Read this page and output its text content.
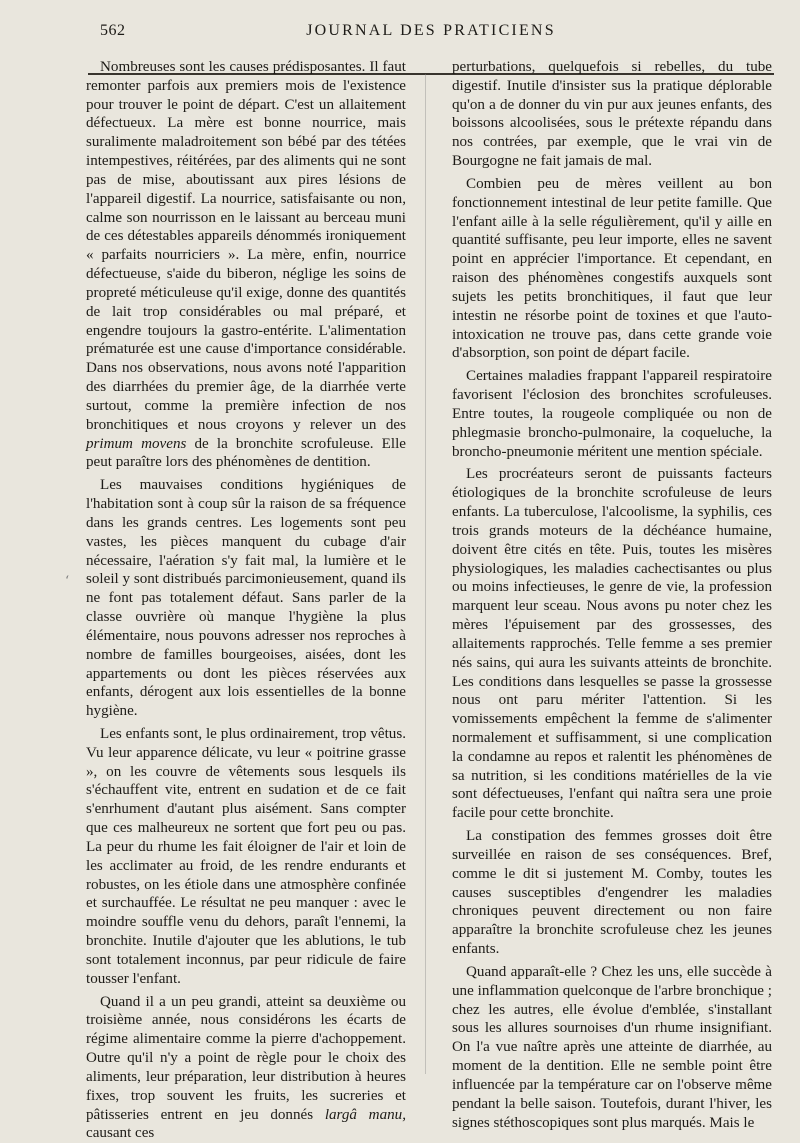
562	JOURNAL DES PRATICIENS
‘

Nombreuses sont les causes prédisposantes. Il faut remonter parfois aux premiers mois de l'existence pour trouver le point de départ. C'est un allaitement défectueux. La mère est bonne nourrice, mais suralimente maladroitement son bébé par des tétées intempestives, réitérées, par des aliments qui ne sont pas de mise, aboutissant aux pires lésions de l'appareil digestif. La nourrice, satisfaisante ou non, calme son nourrisson en le laissant au berceau muni de ces détestables appareils dénommés ironiquement « parfaits nourriciers ». La mère, enfin, nourrice défectueuse, s'aide du biberon, néglige les soins de propreté méticuleuse qu'il exige, donne des quantités de lait trop considérables ou mal préparé, et engendre toujours la gastro-entérite. L'alimentation prématurée est une cause d'importance considérable. Dans nos observations, nous avons noté l'apparition des diarrhées du premier âge, de la diarrhée verte surtout, comme la première infection de nos bronchitiques et nous croyons y relever un des primum movens de la bronchite scrofuleuse. Elle peut paraître lors des phénomènes de dentition.

Les mauvaises conditions hygiéniques de l'habitation sont à coup sûr la raison de sa fréquence dans les grands centres. Les logements sont peu vastes, les pièces manquent du cubage d'air nécessaire, l'aération s'y fait mal, la lumière et le soleil y sont distribués parcimonieusement, quand ils ne font pas totalement défaut. Sans parler de la classe ouvrière où manque l'hygiène la plus élémentaire, nous pouvons adresser nos reproches à nombre de familles bourgeoises, aisées, dont les appartements ou dont les pièces réservées aux enfants, dérogent aux lois essentielles de la bonne hygiène.

Les enfants sont, le plus ordinairement, trop vêtus. Vu leur apparence délicate, vu leur « poitrine grasse », on les couvre de vêtements sous lesquels ils s'échauffent vite, entrent en sudation et de ce fait s'enrhument d'autant plus aisément. Sans compter que ces malheureux ne sortent que fort peu ou pas. La peur du rhume les fait éloigner de l'air et loin de les acclimater au froid, de les rendre endurants et robustes, on les étiole dans une atmosphère confinée et surchauffée. Le résultat ne peu manquer : avec le moindre souffle venu du dehors, paraît l'ennemi, la bronchite. Inutile d'ajouter que les ablutions, le tub sont totalement inconnus, par peur ridicule de faire tousser l'enfant.

Quand il a un peu grandi, atteint sa deuxième ou troisième année, nous considérons les écarts de régime alimentaire comme la pierre d'achoppement. Outre qu'il n'y a point de règle pour le choix des aliments, leur préparation, leur distribution à heures fixes, trop souvent les fruits, les sucreries et pâtisseries entrent en jeu donnés largâ manu, causant ces

perturbations, quelquefois si rebelles, du tube digestif. Inutile d'insister sus la pratique déplorable qu'on a de donner du vin pur aux jeunes enfants, des boissons alcoolisées, sous le prétexte répandu dans nos contrées, par exemple, que le vrai vin de Bourgogne ne fait jamais de mal.

Combien peu de mères veillent au bon fonctionnement intestinal de leur petite famille. Que l'enfant aille à la selle régulièrement, qu'il y aille en quantité suffisante, peu leur importe, elles ne savent point en apprécier l'importance. Et cependant, en raison des phénomènes congestifs auxquels sont sujets les petits bronchitiques, il faut que leur intestin ne résorbe point de toxines et que l'auto-intoxication ne trouve pas, dans cette grande voie d'absorption, son point de départ facile.

Certaines maladies frappant l'appareil respiratoire favorisent l'éclosion des bronchites scrofuleuses. Entre toutes, la rougeole compliquée ou non de phlegmasie broncho-pulmonaire, la coqueluche, la broncho-pneumonie méritent une mention spéciale.

Les procréateurs seront de puissants facteurs étiologiques de la bronchite scrofuleuse de leurs enfants. La tuberculose, l'alcoolisme, la syphilis, ces trois grands moteurs de la déchéance humaine, doivent être cités en tête. Puis, toutes les misères physiologiques, les maladies cachectisantes ou plus ou moins infectieuses, le genre de vie, la profession marquent leur sceau. Nous avons pu noter chez les mères l'épuisement par des grossesses, des allaitements rapprochés. Telle femme a ses premier nés sains, qui aura les suivants atteints de bronchite. Les conditions dans lesquelles se passe la grossesse nous ont paru mériter l'attention. Si les vomissements empêchent la femme de s'alimenter normalement et suffisamment, si une complication la condamne au repos et ralentit les phénomènes de sa nutrition, si les conditions matérielles de la vie sont défectueuses, l'enfant qui naîtra sera une proie facile pour cette bronchite.

La constipation des femmes grosses doit être surveillée en raison de ses conséquences. Bref, comme le dit si justement M. Comby, toutes les causes susceptibles d'engendrer les maladies chroniques peuvent directement ou non faire apparaître la bronchite scrofuleuse chez les jeunes enfants.

Quand apparaît-elle ? Chez les uns, elle succède à une inflammation quelconque de l'arbre bronchique ; chez les autres, elle évolue d'emblée, s'installant sous les allures sournoises d'un rhume insignifiant. On l'a vue naître après une atteinte de diarrhée, au moment de la dentition. Elle ne semble point être influencée par la température car on l'observe même pendant la belle saison. Toutefois, durant l'hiver, les signes stéthoscopiques sont plus marqués. Mais le
